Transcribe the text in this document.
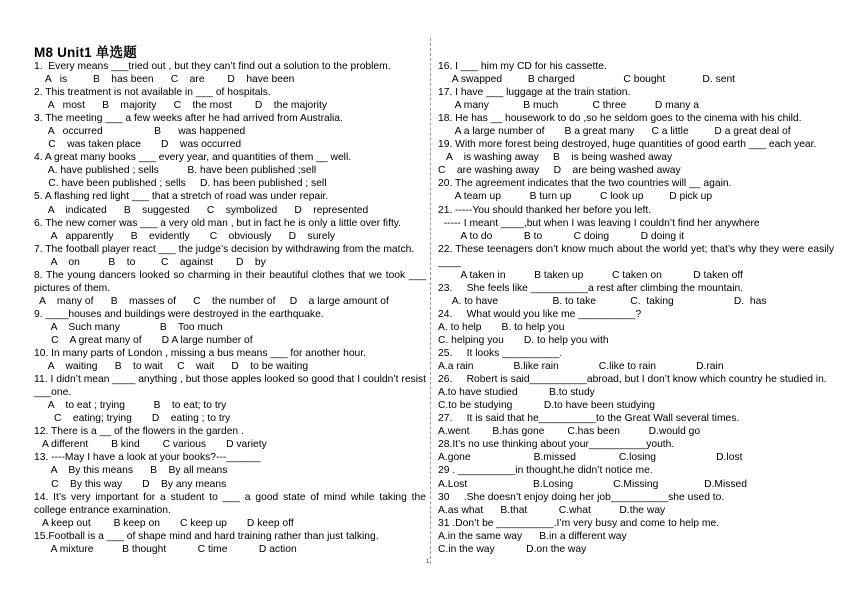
M8 Unit1 单选题
1.  Every means ___tried out , but they can’t find out a solution to the problem.
A   is         B    has been      C    are        D    have been
2. This treatment is not available in ___ of hospitals.
A   most      B    majority      C    the most        D    the majority
3. The meeting ___ a few weeks after he had arrived from Australia.
A   occurred                  B      was happened
C    was taken place       D    was occurred
4. A great many books ___ every year, and quantities of them __ well.
A. have published ; sells          B. have been published ;sell
C. have been published ; sells     D. has been published ; sell
5. A flashing red light ___ that a stretch of road was under repair.
A    indicated      B    suggested      C    symbolized      D    represented
6. The new comer was ___ a very old man , but in fact he is only a little over fifty.
A   apparently      B    evidently       C    obviously      D    surely
7. The football player react ___ the judge’s decision by withdrawing from the match.
A    on          B    to         C    against        D    by
8. The young dancers looked so charming in their beautiful clothes that we took ___ pictures of them.
A    many of      B    masses of      C    the number of     D    a large amount of
9. ____houses and buildings were destroyed in the earthquake.
A    Such many              B    Too much
C    A great many of       D A large number of
10. In many parts of London , missing a bus means ___ for another hour.
A    waiting      B    to wait     C    wait      D    to be waiting
11. I didn’t mean ____ anything , but those apples looked so good that I couldn’t resist ___one.
A    to eat ; trying          B    to eat; to try
C    eating; trying       D    eating ; to try
12. There is a __ of the flowers in the garden .
A different        B kind        C various       D variety
13. ----May I have a look at your books?---______
A    By this means      B    By all means
C    By this way       D    By any means
14. It’s very important for a student to ___ a good state of mind while taking the college entrance examination.
A keep out        B keep on       C keep up       D keep off
15.Football is a ___ of shape mind and hard training rather than just talking.
A mixture          B thought           C time           D action
16. I ___ him my CD for his cassette.
A swapped         B charged                 C bought             D. sent
17. I have ___ luggage at the train station.
A many            B much            C three          D many a
18. He has __ housework to do ,so he seldom goes to the cinema with his child.
A a large number of       B a great many      C a little         D a great deal of
19. With more forest being destroyed, huge quantities of good earth ___ each year.
A    is washing away     B    is being washed away
C    are washing away     D    are being washed away
20. The agreement indicates that the two countries will __ again.
A team up          B turn up          C look up         D pick up
21. -----You should thanked her before you left.
----- I meant ____,but when I was leaving I couldn’t find her anywhere
A to do           B to           C doing           D doing it
22. These teenagers don’t know much about the world yet; that’s why they were easily ____
A taken in          B taken up          C taken on           D taken off
23.     She feels like __________a rest after climbing the mountain.
A. to have                   B. to take            C.  taking                     D.  has
24.     What would you like me __________?
A. to help       B. to help you
C. helping you       D. to help you with
25.     It looks __________.
A.a rain              B.like rain              C.like to rain              D.rain
26.     Robert is said__________abroad, but I don’t know which country he studied in.
A.to have studied           B.to study
C.to be studying           D.to have been studying
27.     It is said that he__________to the Great Wall several times.
A.went        B.has gone        C.has been          D.would go
28.It’s no use thinking about your__________youth.
A.gone                      B.missed               C.losing                     D.lost
29 . __________in thought,he didn’t notice me.
A.Lost                       B.Losing              C.Missing                D.Missed
30     .She doesn’t enjoy doing her job__________she used to.
A.as what      B.that           C.what          D.the way
31 .Don’t be __________.I’m very busy and come to help me.
A.in the same way      B.in a different way
C.in the way           D.on the way
1
